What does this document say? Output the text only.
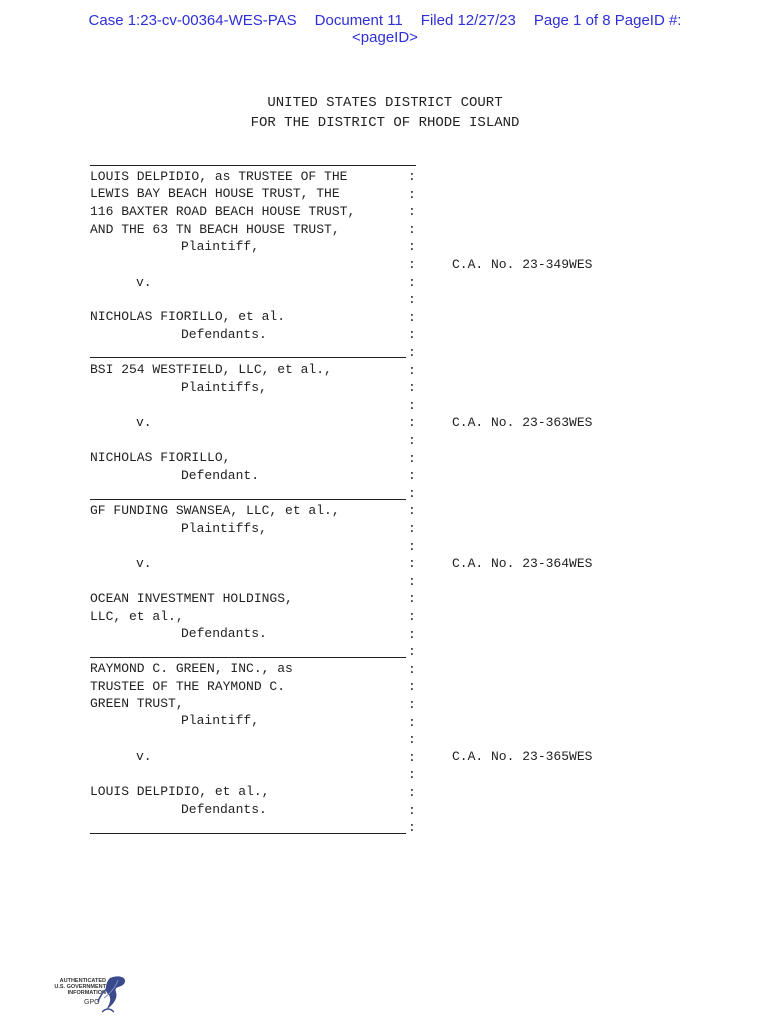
Case 1:23-cv-00364-WES-PAS Document 11 Filed 12/27/23 Page 1 of 8 PageID #:
<pageID>
UNITED STATES DISTRICT COURT
FOR THE DISTRICT OF RHODE ISLAND
LOUIS DELPIDIO, as TRUSTEE OF THE
LEWIS BAY BEACH HOUSE TRUST, THE
116 BAXTER ROAD BEACH HOUSE TRUST,
AND THE 63 TN BEACH HOUSE TRUST,
Plaintiff,
v.
NICHOLAS FIORILLO, et al.
Defendants.
C.A. No. 23-349WES
BSI 254 WESTFIELD, LLC, et al.,
Plaintiffs,
v.
NICHOLAS FIORILLO,
Defendant.
C.A. No. 23-363WES
GF FUNDING SWANSEA, LLC, et al.,
Plaintiffs,
v.
OCEAN INVESTMENT HOLDINGS,
LLC, et al.,
Defendants.
C.A. No. 23-364WES
RAYMOND C. GREEN, INC., as
TRUSTEE OF THE RAYMOND C.
GREEN TRUST,
Plaintiff,
v.
LOUIS DELPIDIO, et al.,
Defendants.
C.A. No. 23-365WES
:
:
:
:
:
:
:
:
:
:
:
:
:
:
:
:
:
:
:
:
:
:
:
:
:
:
:
:
:
:
:
:
:
:
:
:
:
:
AUTHENTICATED
U.S. GOVERNMENT
INFORMATION
GPO
